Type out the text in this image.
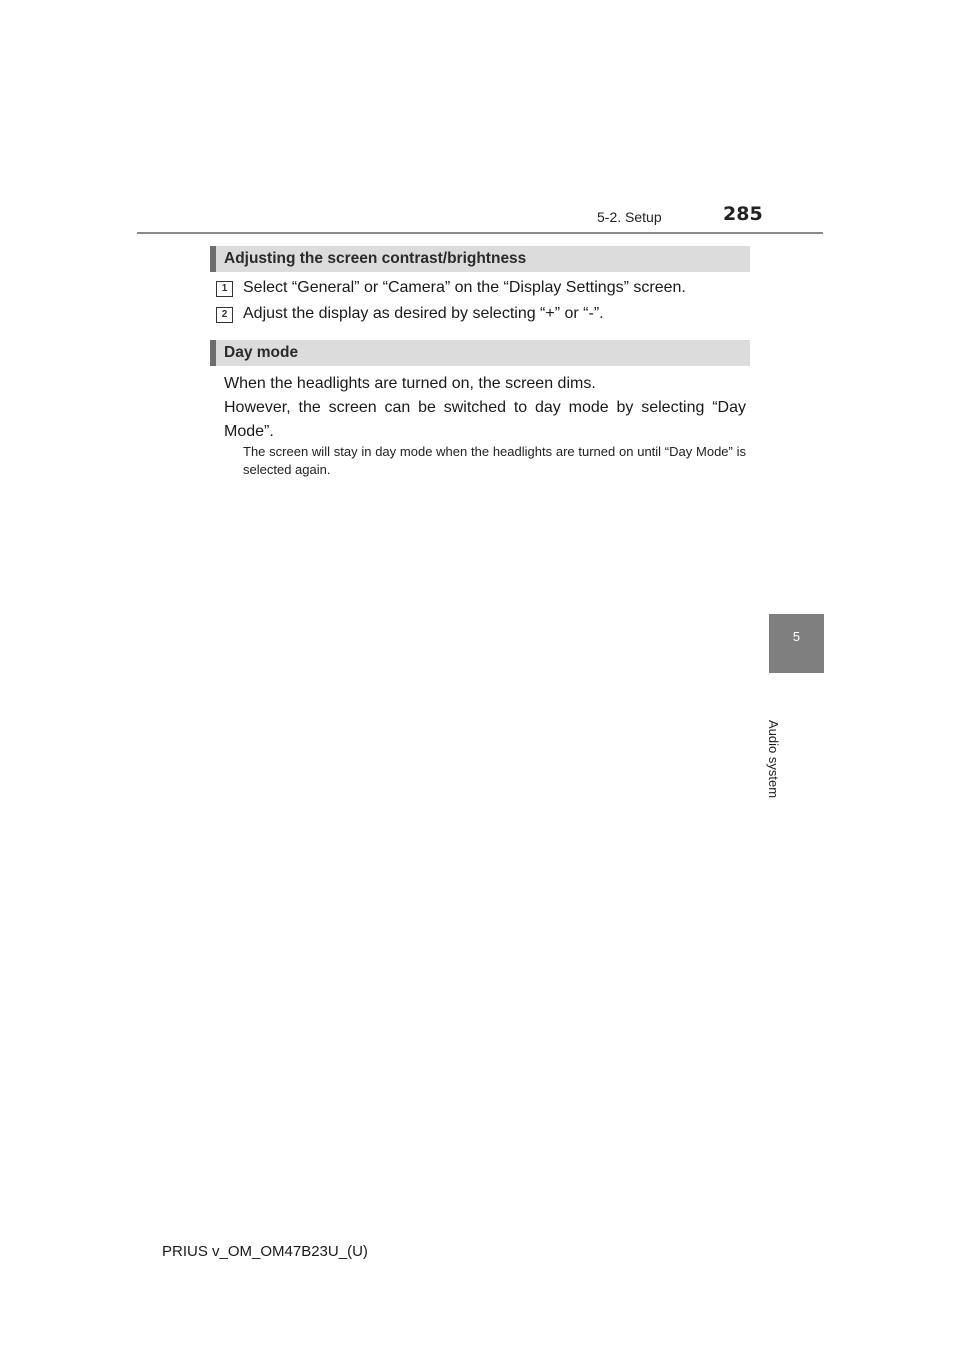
5-2. Setup	285
5
Audio system
Adjusting the screen contrast/brightness
1 Select “General” or “Camera” on the “Display Settings” screen.
2 Adjust the display as desired by selecting “+” or “-”.
Day mode

When the headlights are turned on, the screen dims.

However, the screen can be switched to day mode by selecting “Day Mode”.

The screen will stay in day mode when the headlights are turned on until “Day Mode” is selected again.
PRIUS v_OM_OM47B23U_(U)
